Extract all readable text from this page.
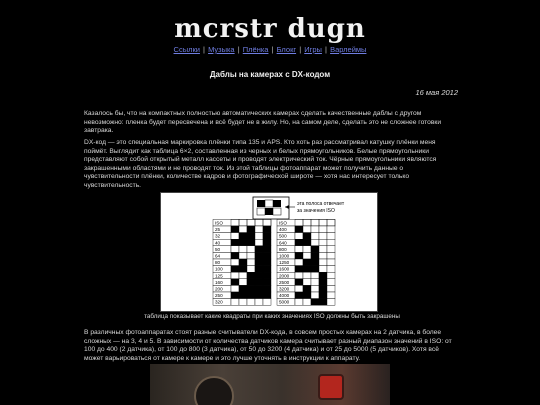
mcrstr dugn
Ссылки | Музыка | Плёнка | Блокг | Игры | Варлеймы
Даблы на камерах с DX-кодом
16 мая 2012

Казалось бы, что на компактных полностью автоматических камерах сделать качественные даблы с другом невозможно: пленка будет пересвечена и всё будет не в жилу. Но, на самом деле, сделать это не сложнее готовки завтрака.

DX-код — это специальная маркировка плёнки типа 135 и APS. Кто хоть раз рассматривал катушку плёнки меня поймёт. Выглядит как таблица 6×2, составленная из черных и белых прямоугольников. Белые прямоугольники представляют собой открытый металл кассеты и проводят электрический ток. Чёрные прямоугольники являются закрашенными областями и не проводят ток. Из этой таблицы фотоаппарат может получить данные о чувствительности плёнки, количестве кадров и фотографической широте — хотя нас интересует только чувствительность.

эта полоса отвечает
за значения ISO
ISO
25
32
40
50
64
80
100
125
160
200
250
320
ISO
400
500
640
800
1000
1250
1600
2000
2500
3200
4000
5000
таблица показывает какие квадраты при каких значениях ISO должны быть закрашены

В различных фотоаппаратах стоят разные считыватели DX-кода, в совсем простых камерах на 2 датчика, в более сложных — на 3, 4 и 5. В зависимости от количества датчиков камера считывает разный диапазон значений в ISO: от 100 до 400 (2 датчика), от 100 до 800 (3 датчика), от 50 до 3200 (4 датчика) и от 25 до 5000 (5 датчиков). Хотя всё может варьироваться от камере к камере и это лучше уточнять в инструкции к аппарату.
